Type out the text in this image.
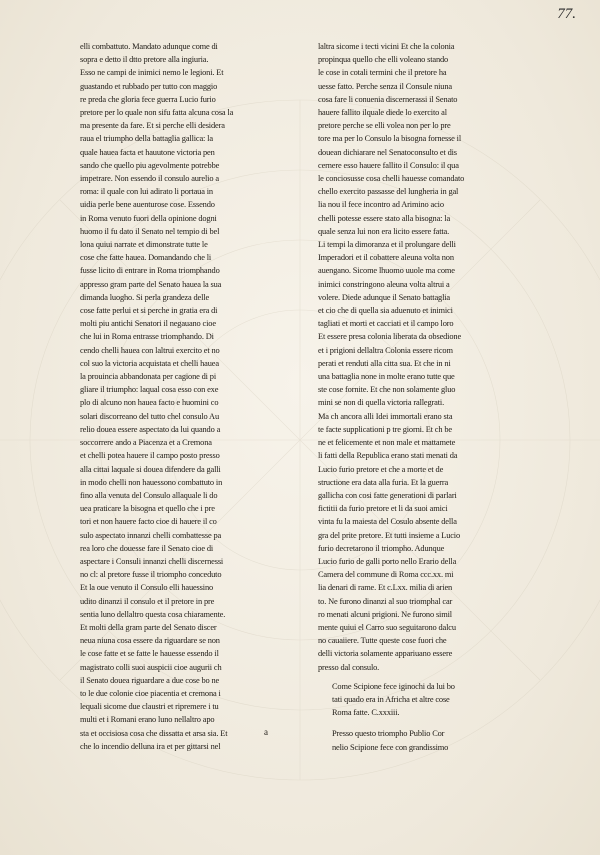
77.
elli combattuto. Mandato adunque come di
sopra e detto il dtto pretore alla ingiuria.
Esso ne campi de inimici nemo le legioni. Et
guastando et rubbado per tutto con maggio
re preda che gloria fece guerra Lucio furio
pretore per lo quale non sifu fatta alcuna cosa la
ma presente da fare. Et si perche elli desidera
raua el triumpho della battaglia gallica: la
quale hauea facta et hauutone victoria pen
sando che quello piu agevolmente potrebbe
impetrare. Non essendo il consulo aurelio a
roma: il quale con lui adirato li portaua in
uidia perle bene auenturose cose. Essendo
in Roma venuto fuori della opinione dogni
huomo il fu dato il Senato nel tempio di bel
lona quiui narrate et dimonstrate tutte le
cose che fatte hauea. Domandando che li
fusse licito di entrare in Roma triomphando
appresso gram parte del Senato hauea la sua
dimanda luogho. Si perla grandeza delle
cose fatte perlui et si perche in gratia era di
molti piu antichi Senatori il negauano cioe
che lui in Roma entrasse triomphando. Di
cendo chelli hauea con laltrui exercito et no
col suo la victoria acquistata et chelli hauea
la prouincia abbandonata per cagione di pi
gliare il triumpho: laqual cosa esso con exe
plo di alcuno non hauea facto e huomini co
solari discorreano del tutto chel consulo Au
relio douea essere aspectato da lui quando a
soccorrere ando a Piacenza et a Cremona
et chelli potea hauere il campo posto presso
alla cittai laquale si douea difendere da galli
in modo chelli non hauessono combattuto in
fino alla venuta del Consulo allaquale li do
uea praticare la bisogna et quello che i pre
tori et non hauere facto cioe di hauere il co
sulo aspectato innanzi chelli combattesse pa
rea loro che douesse fare il Senato cioe di
aspectare i Consuli innanzi chelli discernessi
no cl: al pretore fusse il triompho conceduto
Et la oue venuto il Consulo elli hauessino
udito dinanzi il consulo et il pretore in pre
sentia luno dellaltro questa cosa chiaramente.
Et molti della gram parte del Senato discer
neua niuna cosa essere da riguardare se non
le cose fatte et se fatte le hauesse essendo il
magistrato colli suoi auspicii cioe augurii ch
il Senato douea riguardare a due cose bo ne
to le due colonie cioe piacentia et cremona i
lequali sicome due claustri et ripremere i tu
multi et i Romani erano luno nellaltro apo
sta et occisiosa cosa che dissatta et arsa sia. Et
che lo incendio delluna ira et per gittarsi nel
laltra sicome i tecti vicini Et che la colonia
propinqua quello che elli voleano stando
le cose in cotali termini che il pretore ha
uesse fatto. Perche senza il Consule niuna
cosa fare li conuenia discernerassi il Senato
hauere fallito ilquale diede lo exercito al
pretore perche se elli volea non per lo pre
tore ma per lo Consulo la bisogna fornesse il
douean dichiarare nel Senatoconsulto et dis
cernere esso hauere fallito il Consulo: il qua
le conciosusse cosa chelli hauesse comandato
chello exercito passasse del lungheria in gal
lia nou il fece incontro ad Arimino acio
chelli potesse essere stato alla bisogna: la
quale senza lui non era licito essere fatta.
Li tempi la dimoranza et il prolungare delli
Imperadori et il cobattere aleuna volta non
auengano. Sicome lhuomo uuole ma come
inimici constringono aleuna volta altrui a
volere. Diede adunque il Senato battaglia
et cio che di quella sia aduenuto et inimici
tagliati et morti et cacciati et il campo loro
Et essere presa colonia liberata da obsedione
et i prigioni dellaltra Colonia essere ricom
perati et renduti alla citta sua. Et che in ni
una battaglia none in molte erano tutte que
ste cose fornite. Et che non solamente gluo
mini se non di quella victoria rallegrati.
Ma ch ancora alli Idei immortali erano sta
te facte supplicationi p tre giorni. Et ch be
ne et felicemente et non male et mattamete
li fatti della Republica erano stati menati da
Lucio furio pretore et che a morte et de
structione era data alla furia. Et la guerra
gallicha con cosi fatte generationi di parlari
fictitii da furio pretore et li da suoi amici
vinta fu la maiesta del Cosulo absente della
gra del prite pretore. Et tutti insieme a Lucio
furio decretarono il triompho. Adunque
Lucio furio de galli porto nello Erario della
Camera del commune di Roma ccc.xx. mi
lia denari di rame. Et c.Lxx. milia di arien
to. Ne furono dinanzi al suo triomphal car
ro menati alcuni prigioni. Ne furono simil
mente quiui el Carro suo seguitarono dalcu
no cauaiiere. Tutte queste cose fuori che
delli victoria solamente appariuano essere
presso dal consulo.
Come Scipione fece iginochi da lui bo
tati quado era in Africha et altre cose
Roma fatte. C.xxxiii.
a	Presso questo triompho Publio Cor
nelio Scipione fece con grandissimo
